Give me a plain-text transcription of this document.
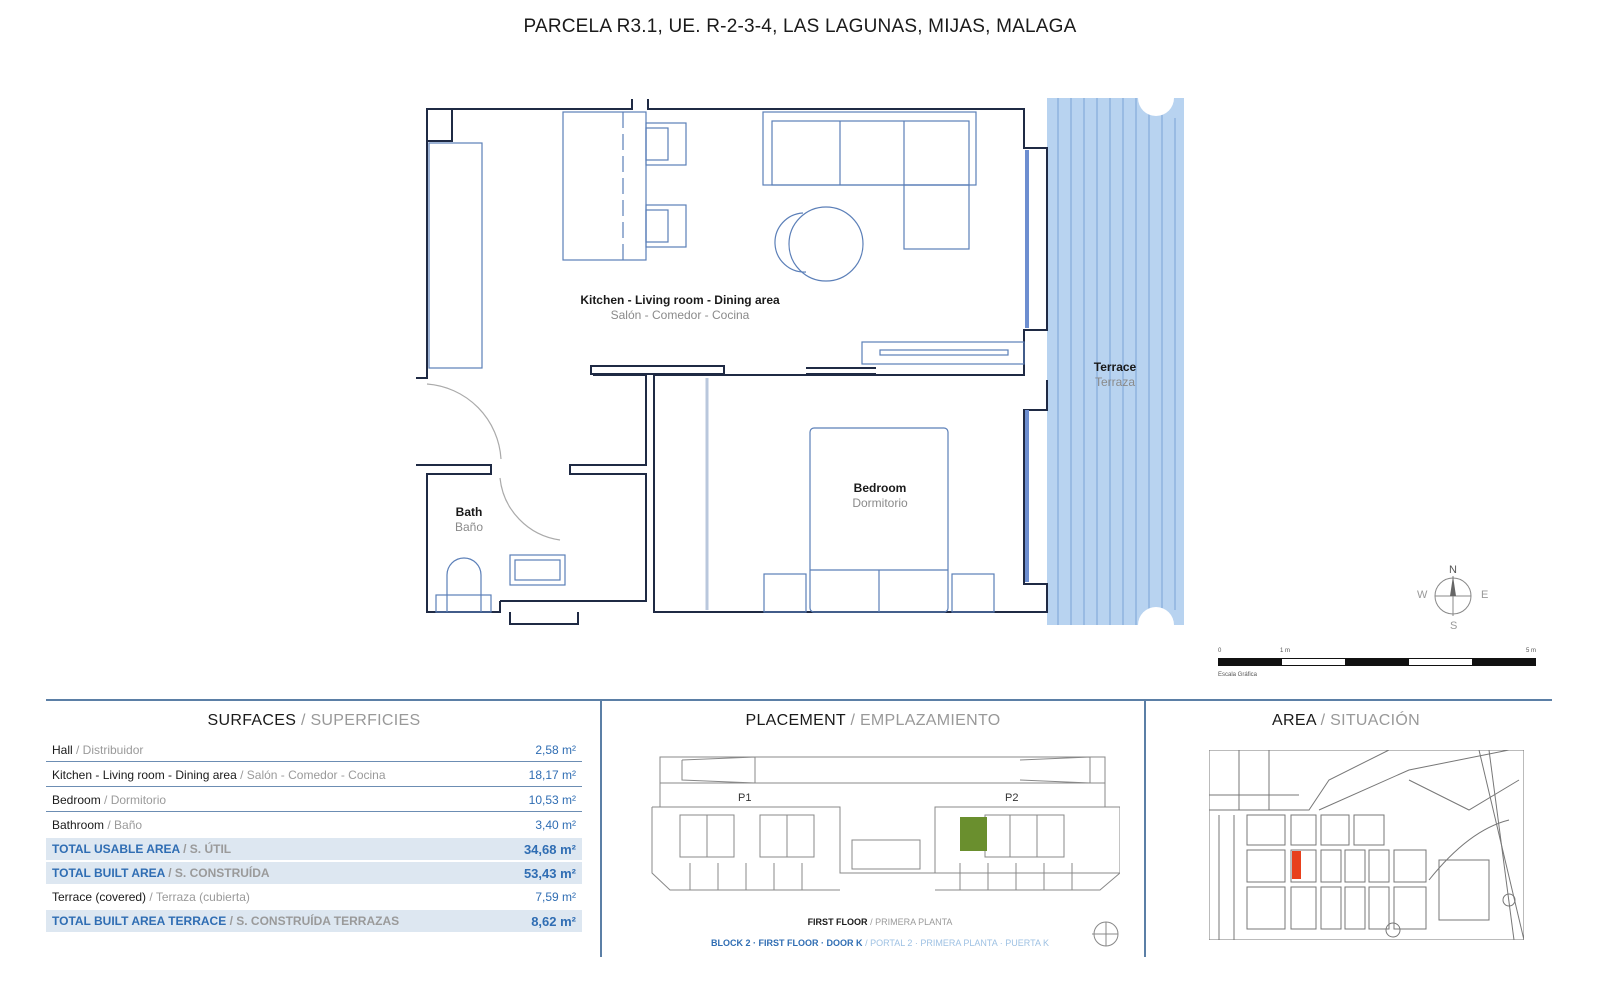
PARCELA R3.1, UE. R-2-3-4, LAS LAGUNAS, MIJAS, MALAGA
Kitchen - Living room - Dining area
Salón - Comedor - Cocina
Bedroom
Dormitorio
Bath
Baño
Terrace
Terraza
N
S
W	E
0	1 m	5 m
Escala Gráfica
SURFACES / SUPERFICIES
Hall / Distribuidor	2,58 m²
Kitchen - Living room - Dining area / Salón - Comedor - Cocina	18,17 m²
Bedroom / Dormitorio	10,53 m²
Bathroom / Baño	3,40 m²
TOTAL USABLE AREA / S. ÚTIL	34,68 m²
TOTAL BUILT AREA / S. CONSTRUÍDA	53,43 m²
Terrace (covered) / Terraza (cubierta)	7,59 m²
TOTAL BUILT AREA TERRACE / S. CONSTRUÍDA TERRAZAS	8,62 m²
PLACEMENT / EMPLAZAMIENTO
P1	P2
FIRST FLOOR / PRIMERA PLANTA
BLOCK 2 · FIRST FLOOR · DOOR K / PORTAL 2 · PRIMERA PLANTA · PUERTA K
AREA / SITUACIÓN
